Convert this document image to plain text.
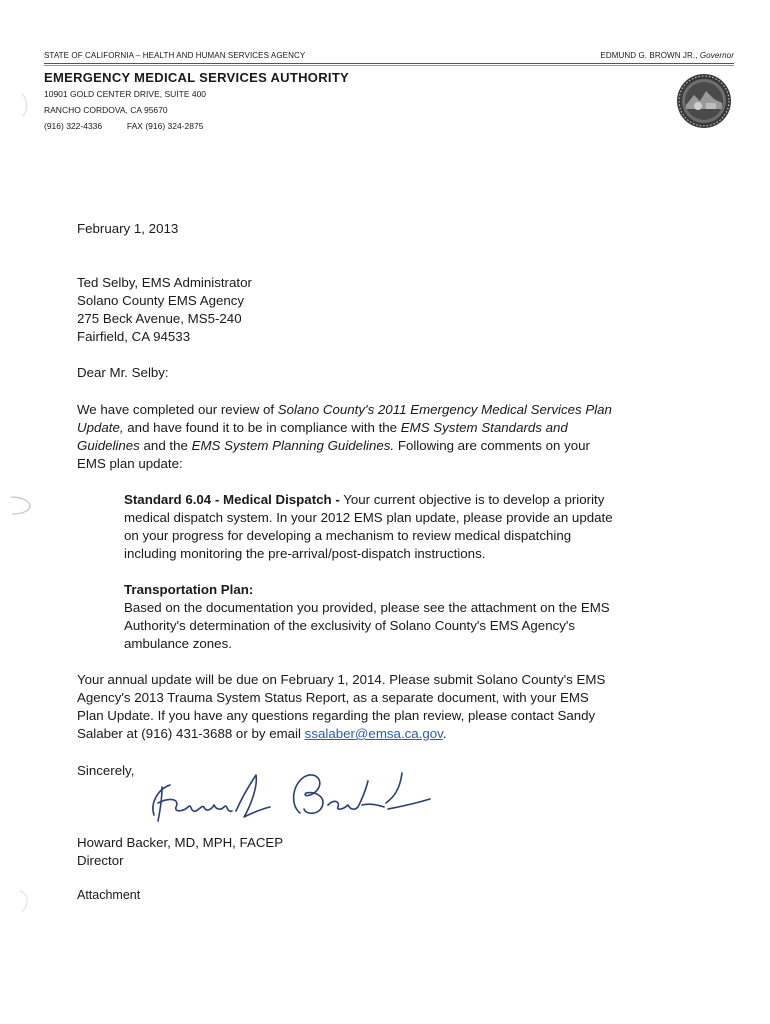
STATE OF CALIFORNIA – HEALTH AND HUMAN SERVICES AGENCY	EDMUND G. BROWN JR., Governor
EMERGENCY MEDICAL SERVICES AUTHORITY
10901 GOLD CENTER DRIVE, SUITE 400
RANCHO CORDOVA, CA 95670
(916) 322-4336	FAX (916) 324-2875
February 1, 2013
Ted Selby, EMS Administrator
Solano County EMS Agency
275 Beck Avenue, MS5-240
Fairfield, CA 94533
Dear Mr. Selby:
We have completed our review of Solano County's 2011 Emergency Medical Services Plan
Update, and have found it to be in compliance with the EMS System Standards and
Guidelines and the EMS System Planning Guidelines. Following are comments on your
EMS plan update:
Standard 6.04 - Medical Dispatch - Your current objective is to develop a priority
medical dispatch system. In your 2012 EMS plan update, please provide an update
on your progress for developing a mechanism to review medical dispatching
including monitoring the pre-arrival/post-dispatch instructions.
Transportation Plan:
Based on the documentation you provided, please see the attachment on the EMS
Authority's determination of the exclusivity of Solano County's EMS Agency's
ambulance zones.
Your annual update will be due on February 1, 2014. Please submit Solano County's EMS
Agency's 2013 Trauma System Status Report, as a separate document, with your EMS
Plan Update. If you have any questions regarding the plan review, please contact Sandy
Salaber at (916) 431-3688 or by email ssalaber@emsa.ca.gov.
Sincerely,
Howard Backer, MD, MPH, FACEP
Director
Attachment
